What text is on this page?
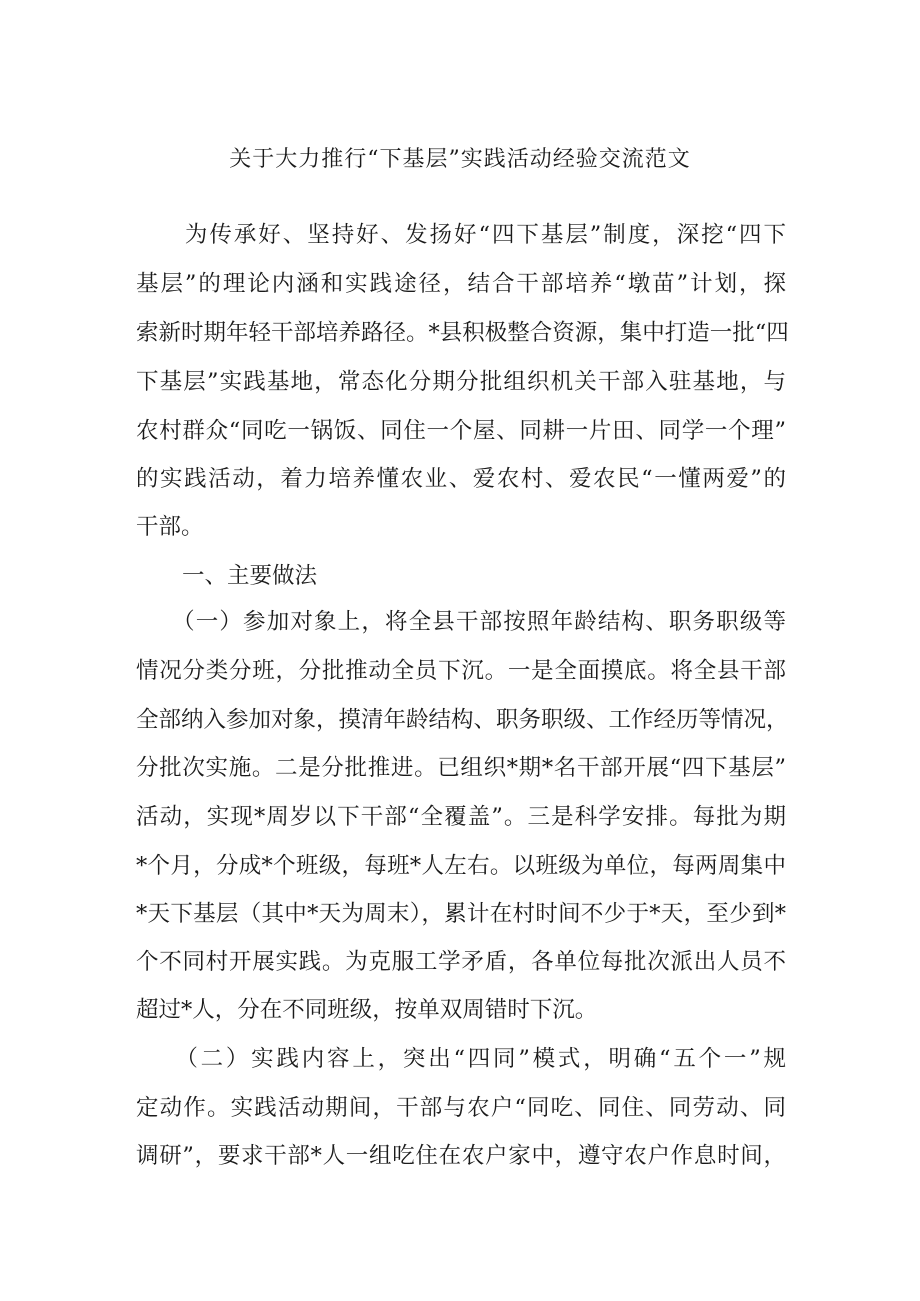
关于大力推行“下基层”实践活动经验交流范文
　　为传承好、坚持好、发扬好“四下基层”制度，深挖“四下
基层”的理论内涵和实践途径，结合干部培养“墩苗”计划，探
索新时期年轻干部培养路径。*县积极整合资源，集中打造一批“四
下基层”实践基地，常态化分期分批组织机关干部入驻基地，与
农村群众“同吃一锅饭、同住一个屋、同耕一片田、同学一个理”
的实践活动，着力培养懂农业、爱农村、爱农民“一懂两爱”的
干部。
一、主要做法
　　（一）参加对象上，将全县干部按照年龄结构、职务职级等
情况分类分班，分批推动全员下沉。一是全面摸底。将全县干部
全部纳入参加对象，摸清年龄结构、职务职级、工作经历等情况，
分批次实施。二是分批推进。已组织*期*名干部开展“四下基层”
活动，实现*周岁以下干部“全覆盖”。三是科学安排。每批为期
*个月，分成*个班级，每班*人左右。以班级为单位，每两周集中
*天下基层（其中*天为周末），累计在村时间不少于*天，至少到*
个不同村开展实践。为克服工学矛盾，各单位每批次派出人员不
超过*人，分在不同班级，按单双周错时下沉。
　　（二）实践内容上，突出“四同”模式，明确“五个一”规
定动作。实践活动期间，干部与农户“同吃、同住、同劳动、同
调研”，要求干部*人一组吃住在农户家中，遵守农户作息时间，
